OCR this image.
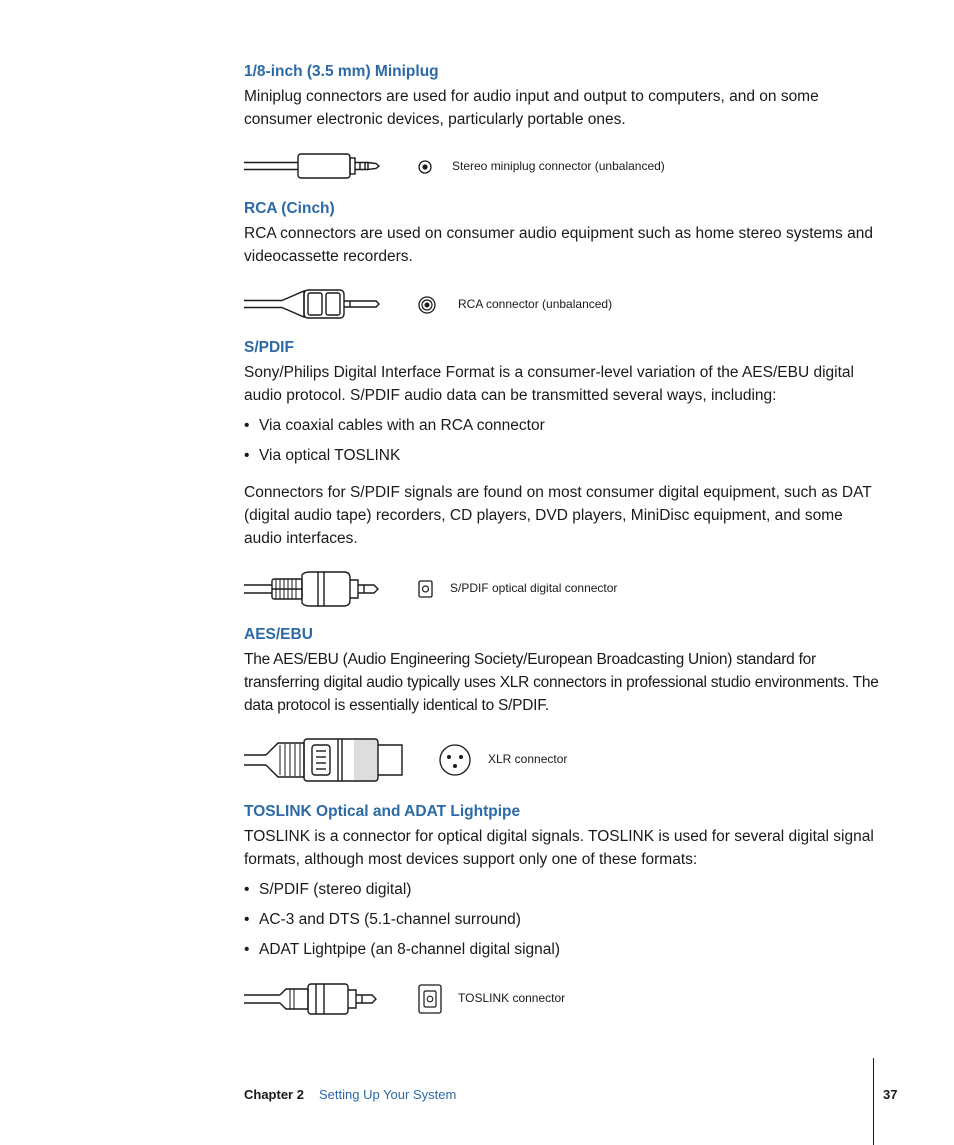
1/8-inch (3.5 mm) Miniplug
Miniplug connectors are used for audio input and output to computers, and on some consumer electronic devices, particularly portable ones.
Stereo miniplug connector (unbalanced)
RCA (Cinch)
RCA connectors are used on consumer audio equipment such as home stereo systems and videocassette recorders.
RCA connector (unbalanced)
S/PDIF
Sony/Philips Digital Interface Format is a consumer-level variation of the AES/EBU digital audio protocol. S/PDIF audio data can be transmitted several ways, including:
• Via coaxial cables with an RCA connector
• Via optical TOSLINK
Connectors for S/PDIF signals are found on most consumer digital equipment, such as DAT (digital audio tape) recorders, CD players, DVD players, MiniDisc equipment, and some audio interfaces.
S/PDIF optical digital connector
AES/EBU
The AES/EBU (Audio Engineering Society/European Broadcasting Union) standard for transferring digital audio typically uses XLR connectors in professional studio environments. The data protocol is essentially identical to S/PDIF.
XLR connector
TOSLINK Optical and ADAT Lightpipe
TOSLINK is a connector for optical digital signals. TOSLINK is used for several digital signal formats, although most devices support only one of these formats:
• S/PDIF (stereo digital)
• AC-3 and DTS (5.1-channel surround)
• ADAT Lightpipe (an 8-channel digital signal)
TOSLINK connector
Chapter 2 Setting Up Your System	37
